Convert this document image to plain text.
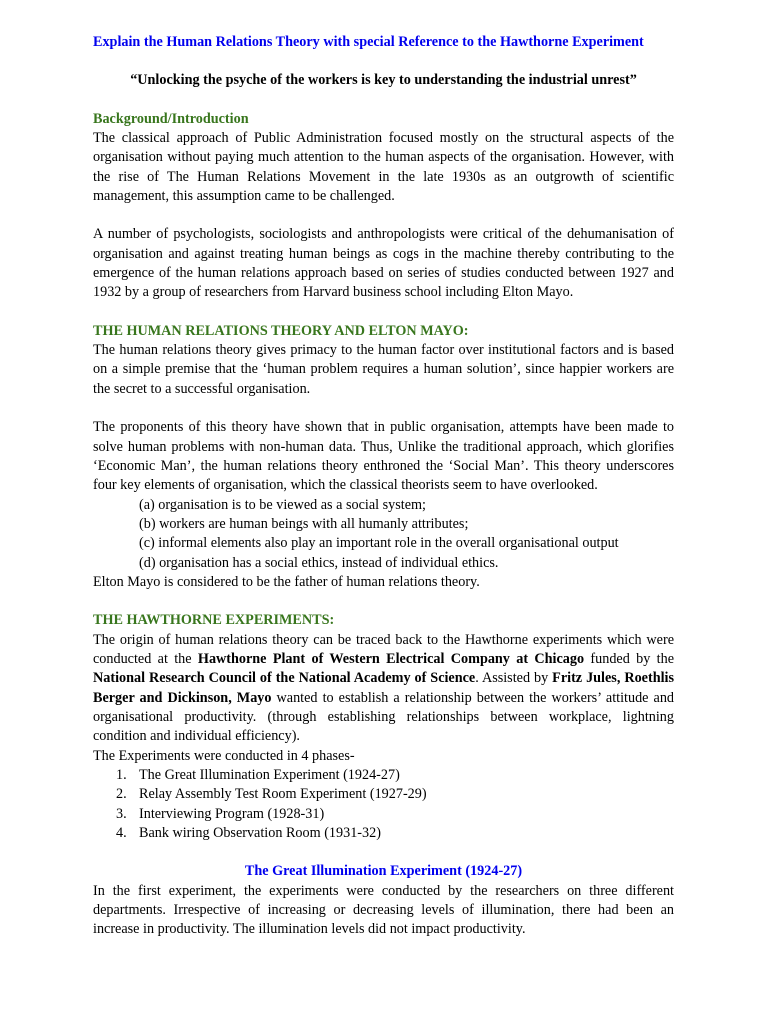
Explain the Human Relations Theory with special Reference to the Hawthorne Experiment

“Unlocking the psyche of the workers is key to understanding the industrial unrest”

Background/Introduction

The classical approach of Public Administration focused mostly on the structural aspects of the organisation without paying much attention to the human aspects of the organisation. However, with the rise of The Human Relations Movement in the late 1930s as an outgrowth of scientific management, this assumption came to be challenged.

A number of psychologists, sociologists and anthropologists were critical of the dehumanisation of organisation and against treating human beings as cogs in the machine thereby contributing to the emergence of the human relations approach based on series of studies conducted between 1927 and 1932 by a group of researchers from Harvard business school including Elton Mayo.

THE HUMAN RELATIONS THEORY AND ELTON MAYO:

The human relations theory gives primacy to the human factor over institutional factors and is based on a simple premise that the ‘human problem requires a human solution’, since happier workers are the secret to a successful organisation.

The proponents of this theory have shown that in public organisation, attempts have been made to solve human problems with non-human data. Thus, Unlike the traditional approach, which glorifies ‘Economic Man’, the human relations theory enthroned the ‘Social Man’. This theory underscores four key elements of organisation, which the classical theorists seem to have overlooked.

(a) organisation is to be viewed as a social system;

(b) workers are human beings with all humanly attributes;

(c) informal elements also play an important role in the overall organisational output

(d) organisation has a social ethics, instead of individual ethics.

Elton Mayo is considered to be the father of human relations theory.

THE HAWTHORNE EXPERIMENTS:

The origin of human relations theory can be traced back to the Hawthorne experiments which were conducted at the Hawthorne Plant of Western Electrical Company at Chicago funded by the National Research Council of the National Academy of Science. Assisted by Fritz Jules, Roethlis Berger and Dickinson, Mayo wanted to establish a relationship between the workers’ attitude and organisational productivity. (through establishing relationships between workplace, lightning condition and individual efficiency).

The Experiments were conducted in 4 phases-

1. The Great Illumination Experiment (1924-27)
2. Relay Assembly Test Room Experiment (1927-29)
3. Interviewing Program (1928-31)
4. Bank wiring Observation Room (1931-32)

The Great Illumination Experiment (1924-27)

In the first experiment, the experiments were conducted by the researchers on three different departments. Irrespective of increasing or decreasing levels of illumination, there had been an increase in productivity. The illumination levels did not impact productivity.
